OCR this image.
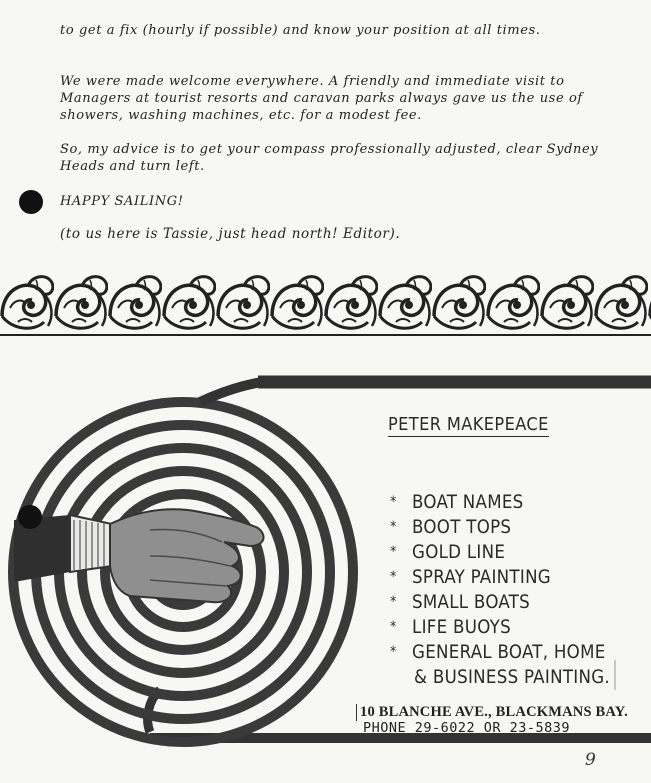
to get a fix (hourly if possible) and know your position at all times.

We were made welcome everywhere. A friendly and immediate visit to Managers at tourist resorts and caravan parks always gave us the use of showers, washing machines, etc. for a modest fee.

So, my advice is to get your compass professionally adjusted, clear Sydney Heads and turn left.

HAPPY SAILING!

(to us here is Tassie, just head north! Editor).

PETER MAKEPEACE

* BOAT NAMES
* BOOT TOPS
* GOLD LINE
* SPRAY PAINTING
* SMALL BOATS
* LIFE BUOYS
* GENERAL BOAT, HOME
& BUSINESS PAINTING.

10 BLANCHE AVE., BLACKMANS BAY.

PHONE 29-6022 OR 23-5839

9
